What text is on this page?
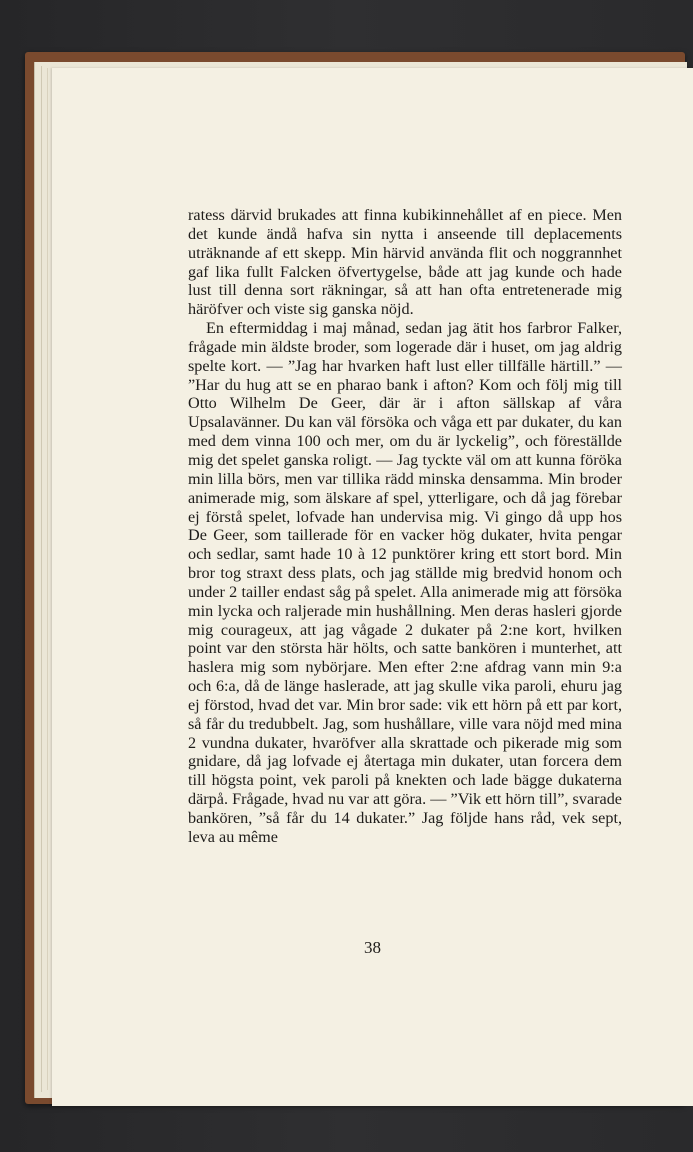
ratess därvid brukades att finna kubikinnehållet af en piece. Men det kunde ändå hafva sin nytta i anseende till deplacements uträknande af ett skepp. Min härvid använda flit och noggrannhet gaf lika fullt Falcken öfvertygelse, både att jag kunde och hade lust till denna sort räkningar, så att han ofta entretenerade mig häröfver och viste sig ganska nöjd.

En eftermiddag i maj månad, sedan jag ätit hos farbror Falker, frågade min äldste broder, som logerade där i huset, om jag aldrig spelte kort. — ”Jag har hvarken haft lust eller tillfälle härtill.” — ”Har du hug att se en pharao bank i afton? Kom och följ mig till Otto Wilhelm De Geer, där är i afton sällskap af våra Upsalavänner. Du kan väl försöka och våga ett par dukater, du kan med dem vinna 100 och mer, om du är lyckelig”, och föreställde mig det spelet ganska roligt. — Jag tyckte väl om att kunna föröka min lilla börs, men var tillika rädd minska densamma. Min broder animerade mig, som älskare af spel, ytterligare, och då jag förebar ej förstå spelet, lofvade han undervisa mig. Vi gingo då upp hos De Geer, som taillerade för en vacker hög dukater, hvita pengar och sedlar, samt hade 10 à 12 punktörer kring ett stort bord. Min bror tog straxt dess plats, och jag ställde mig bredvid honom och under 2 tailler endast såg på spelet. Alla animerade mig att försöka min lycka och raljerade min hushållning. Men deras hasleri gjorde mig courageux, att jag vågade 2 dukater på 2:ne kort, hvilken point var den största här hölts, och satte bankören i munterhet, att haslera mig som nybörjare. Men efter 2:ne afdrag vann min 9:a och 6:a, då de länge haslerade, att jag skulle vika paroli, ehuru jag ej förstod, hvad det var. Min bror sade: vik ett hörn på ett par kort, så får du tredubbelt. Jag, som hushållare, ville vara nöjd med mina 2 vundna dukater, hvaröfver alla skrattade och pikerade mig som gnidare, då jag lofvade ej återtaga min dukater, utan forcera dem till högsta point, vek paroli på knekten och lade bägge dukaterna därpå. Frågade, hvad nu var att göra. — ”Vik ett hörn till”, svarade bankören, ”så får du 14 dukater.” Jag följde hans råd, vek sept, leva au même

38
